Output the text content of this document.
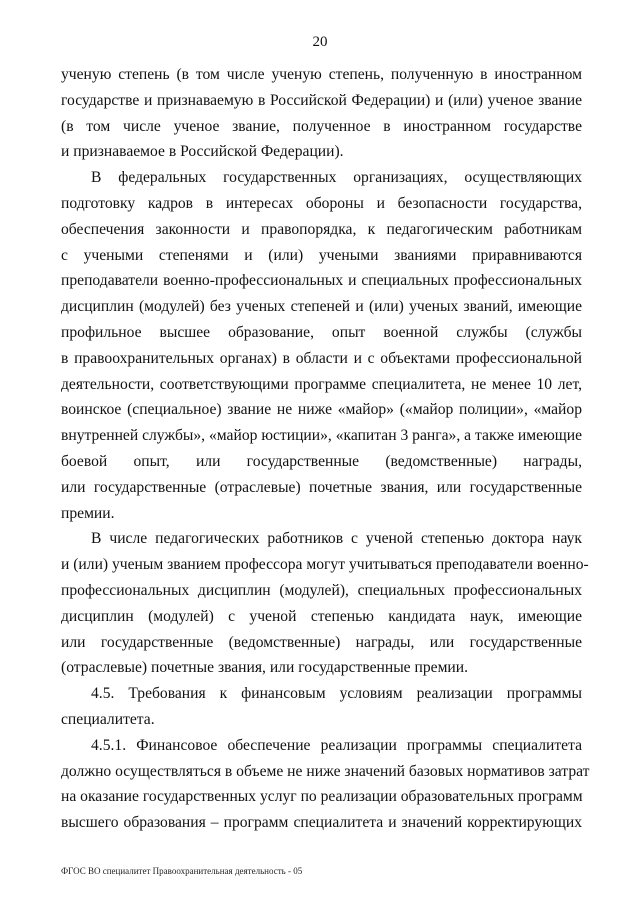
20
ученую степень (в том числе ученую степень, полученную в иностранном
государстве и признаваемую в Российской Федерации) и (или) ученое звание
(в том числе ученое звание, полученное в иностранном государстве
и признаваемое в Российской Федерации).
В федеральных государственных организациях, осуществляющих
подготовку кадров в интересах обороны и безопасности государства,
обеспечения законности и правопорядка, к педагогическим работникам
с учеными степенями и (или) учеными званиями приравниваются
преподаватели военно-профессиональных и специальных профессиональных
дисциплин (модулей) без ученых степеней и (или) ученых званий, имеющие
профильное высшее образование, опыт военной службы (службы
в правоохранительных органах) в области и с объектами профессиональной
деятельности, соответствующими программе специалитета, не менее 10 лет,
воинское (специальное) звание не ниже «майор» («майор полиции», «майор
внутренней службы», «майор юстиции», «капитан 3 ранга», а также имеющие
боевой опыт, или государственные (ведомственные) награды,
или государственные (отраслевые) почетные звания, или государственные
премии.
В числе педагогических работников с ученой степенью доктора наук
и (или) ученым званием профессора могут учитываться преподаватели военно-
профессиональных дисциплин (модулей), специальных профессиональных
дисциплин (модулей) с ученой степенью кандидата наук, имеющие
или государственные (ведомственные) награды, или государственные
(отраслевые) почетные звания, или государственные премии.
4.5. Требования к финансовым условиям реализации программы
специалитета.
4.5.1. Финансовое обеспечение реализации программы специалитета
должно осуществляться в объеме не ниже значений базовых нормативов затрат
на оказание государственных услуг по реализации образовательных программ
высшего образования – программ специалитета и значений корректирующих
ФГОС ВО специалитет Правоохранительная деятельность - 05
